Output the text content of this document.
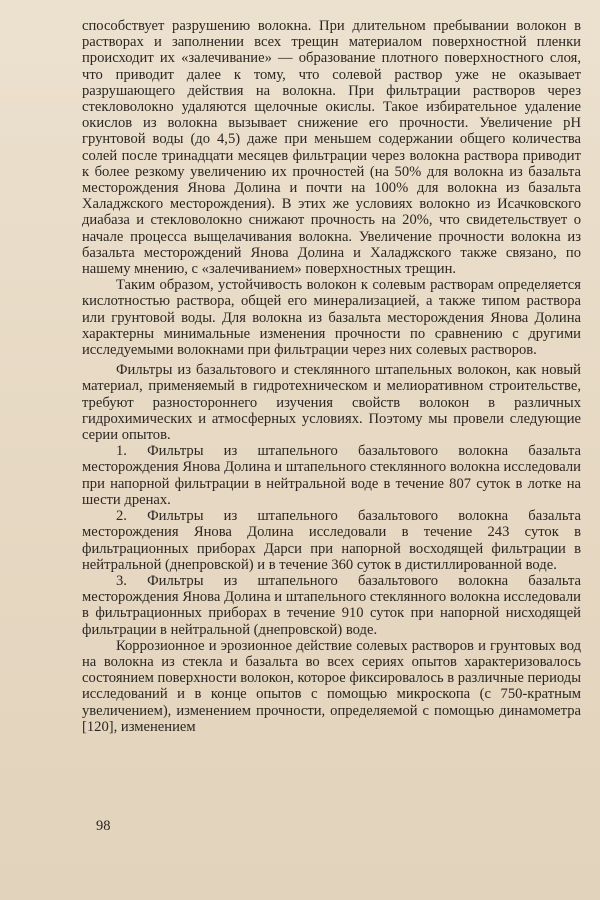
способствует разрушению волокна. При длительном пребывании волокон в растворах и заполнении всех трещин материалом поверхностной пленки происходит их «залечивание» — образование плотного поверхностного слоя, что приводит далее к тому, что солевой раствор уже не оказывает разрушающего действия на волокна. При фильтрации растворов через стекловолокно удаляются щелочные окислы. Такое избирательное удаление окислов из волокна вызывает снижение его прочности. Увеличение pH грунтовой воды (до 4,5) даже при меньшем содержании общего количества солей после тринадцати месяцев фильтрации через волокна раствора приводит к более резкому увеличению их прочностей (на 50% для волокна из базальта месторождения Янова Долина и почти на 100% для волокна из базальта Халаджского месторождения). В этих же условиях волокно из Исачковского диабаза и стекловолокно снижают прочность на 20%, что свидетельствует о начале процесса выщелачивания волокна. Увеличение прочности волокна из базальта месторождений Янова Долина и Халаджского также связано, по нашему мнению, с «залечиванием» поверхностных трещин.

Таким образом, устойчивость волокон к солевым растворам определяется кислотностью раствора, общей его минерализацией, а также типом раствора или грунтовой воды. Для волокна из базальта месторождения Янова Долина характерны минимальные изменения прочности по сравнению с другими исследуемыми волокнами при фильтрации через них солевых растворов.

Фильтры из базальтового и стеклянного штапельных волокон, как новый материал, применяемый в гидротехническом и мелиоративном строительстве, требуют разностороннего изучения свойств волокон в различных гидрохимических и атмосферных условиях. Поэтому мы провели следующие серии опытов.

1. Фильтры из штапельного базальтового волокна базальта месторождения Янова Долина и штапельного стеклянного волокна исследовали при напорной фильтрации в нейтральной воде в течение 807 суток в лотке на шести дренах.

2. Фильтры из штапельного базальтового волокна базальта месторождения Янова Долина исследовали в течение 243 суток в фильтрационных приборах Дарси при напорной восходящей фильтрации в нейтральной (днепровской) и в течение 360 суток в дистиллированной воде.

3. Фильтры из штапельного базальтового волокна базальта месторождения Янова Долина и штапельного стеклянного волокна исследовали в фильтрационных приборах в течение 910 суток при напорной нисходящей фильтрации в нейтральной (днепровской) воде.

Коррозионное и эрозионное действие солевых растворов и грунтовых вод на волокна из стекла и базальта во всех сериях опытов характеризовалось состоянием поверхности волокон, которое фиксировалось в различные периоды исследований и в конце опытов с помощью микроскопа (с 750-кратным увеличением), изменением прочности, определяемой с помощью динамометра [120], изменением

98
